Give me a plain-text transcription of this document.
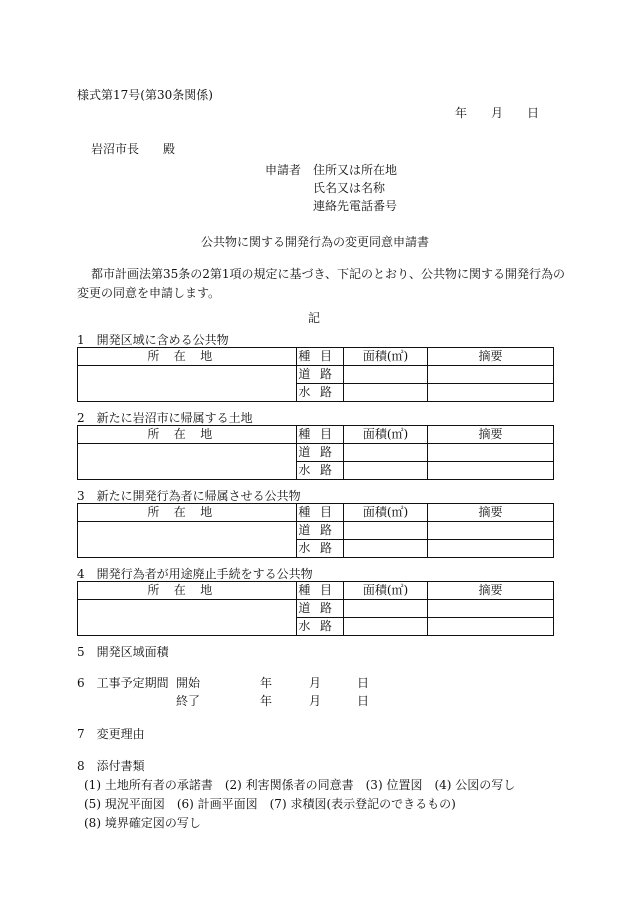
様式第17号(第30条関係)
年　　月　　日
岩沼市長　　殿
申請者 住所又は所在地
氏名又は名称
連絡先電話番号
公共物に関する開発行為の変更同意申請書
都市計画法第35条の2第1項の規定に基づき、下記のとおり、公共物に関する開発行為の
変更の同意を申請します。
記
1　開発区域に含める公共物
所在地	種目	面積(㎡)	摘要
	道路		
	水路		
2　新たに岩沼市に帰属する土地
所在地	種目	面積(㎡)	摘要
	道路		
	水路		
3　新たに開発行為者に帰属させる公共物
所在地	種目	面積(㎡)	摘要
	道路		
	水路		
4　開発行為者が用途廃止手続をする公共物
所在地	種目	面積(㎡)	摘要
	道路		
	水路		
5　開発区域面積
6　工事予定期間 開始	年	月	日
終了	年	月	日
7　変更理由
8　添付書類
(1) 土地所有者の承諾書　(2) 利害関係者の同意書　(3) 位置図　(4) 公図の写し
(5) 現況平面図　(6) 計画平面図　(7) 求積図(表示登記のできるもの)
(8) 境界確定図の写し
